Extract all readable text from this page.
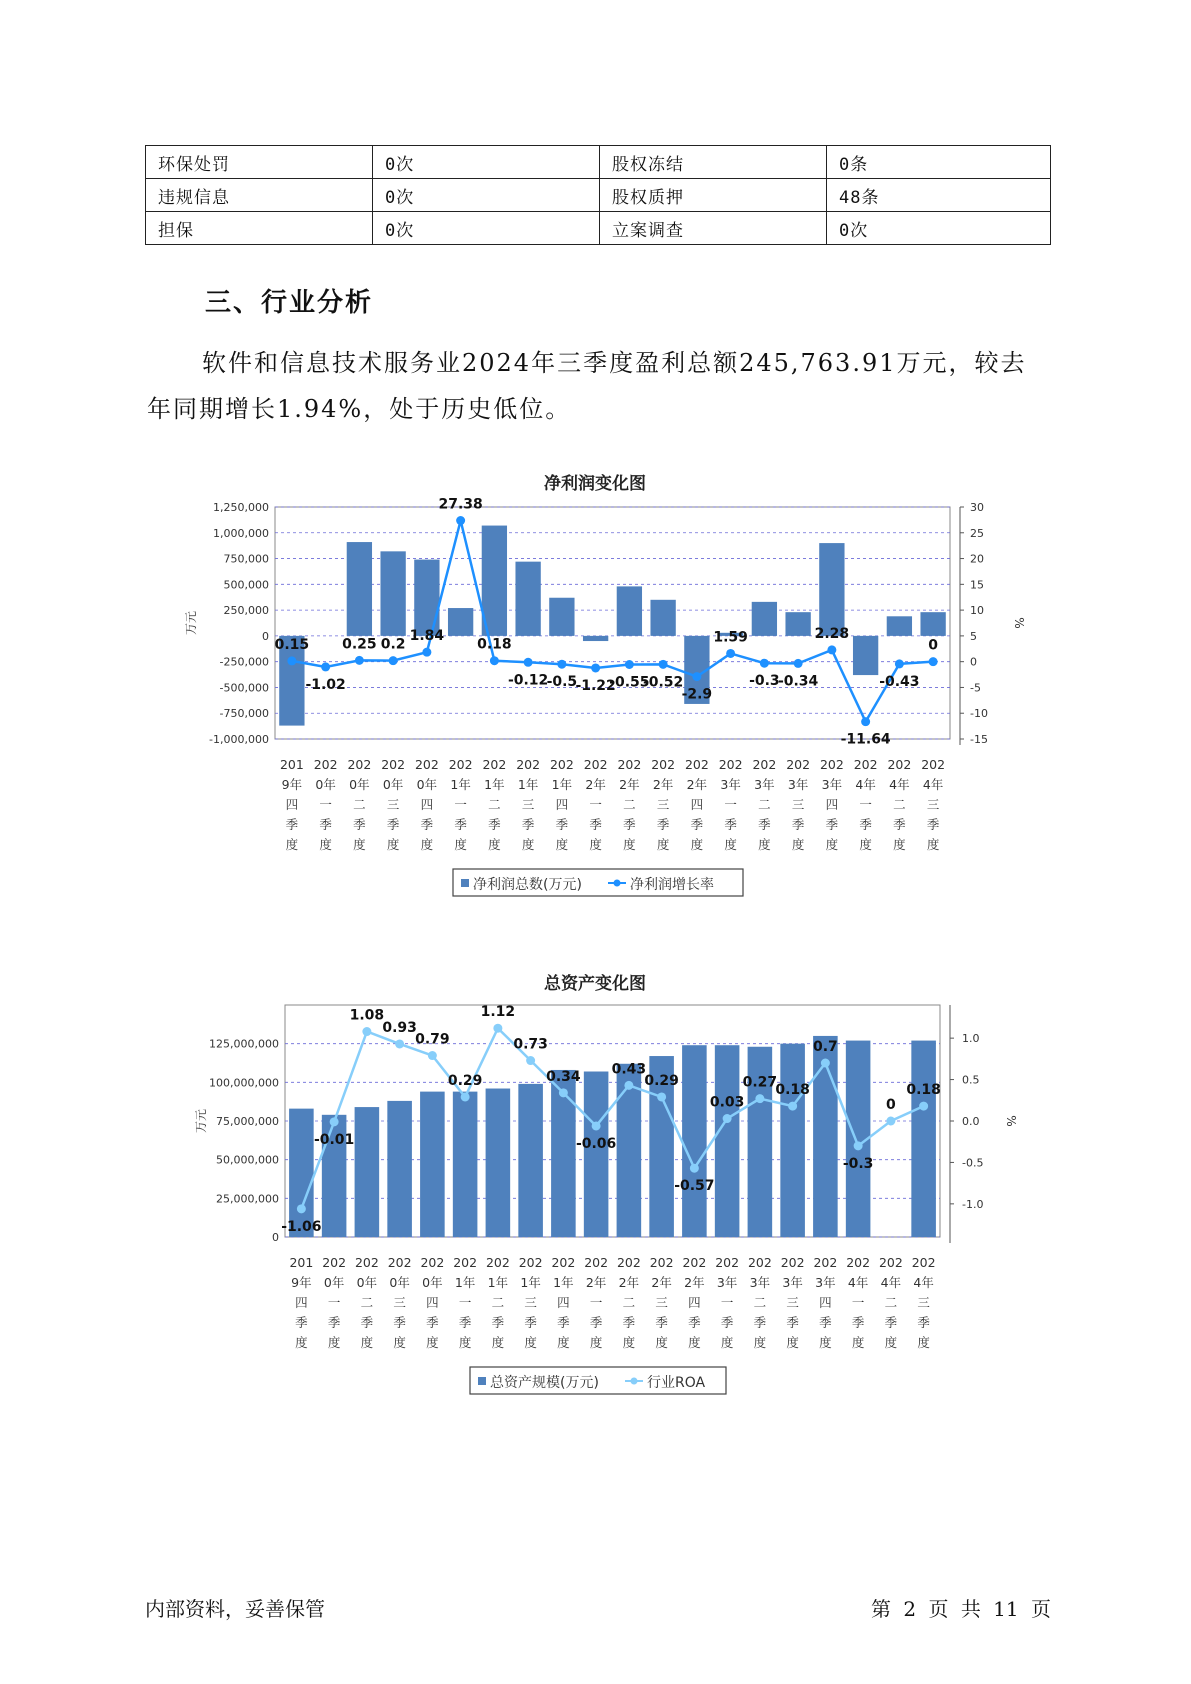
环保处罚	0次	股权冻结	0条
违规信息	0次	股权质押	48条
担保	0次	立案调查	0次
三、行业分析

软件和信息技术服务业2024年三季度盈利总额245,763.91万元，较去年同期增长1.94%，处于历史低位。

净利润变化图
1,250,000
1,000,000
750,000
500,000
250,000
0
-250,000
-500,000
-750,000
-1,000,000
30
25
20
15
10
5
0
-5
-10
-15
万元	%
0.15
-1.02
0.25 0.2
1.84
27.38
0.18
-0.12
-0.5
-1.22
-0.55
-0.52
-2.9
1.59
-0.3
-0.34
2.28
-11.64
-0.43
0
201
9年
四
季
度
202
0年
一
季
度
202
0年
二
季
度
202
0年
三
季
度
202
0年
四
季
度
202
1年
一
季
度
202
1年
二
季
度
202
1年
三
季
度
202
1年
四
季
度
202
2年
一
季
度
202
2年
二
季
度
202
2年
三
季
度
202
2年
四
季
度
202
3年
一
季
度
202
3年
二
季
度
202
3年
三
季
度
202
3年
四
季
度
202
4年
一
季
度
202
4年
二
季
度
202
4年
三
季
度
净利润总数(万元)	净利润增长率
总资产变化图
125,000,000
100,000,000
75,000,000
50,000,000
25,000,000
0
1.0
0.5
0.0
-0.5
-1.0
万元	%
-1.06
-0.01
1.08
0.93
0.79
0.29
1.12
0.73
0.34
-0.06
0.43
0.29
-0.57
0.03
0.27
0.18
0.7
-0.3
0
0.18
201
9年
四
季
度
202
0年
一
季
度
202
0年
二
季
度
202
0年
三
季
度
202
0年
四
季
度
202
1年
一
季
度
202
1年
二
季
度
202
1年
三
季
度
202
1年
四
季
度
202
2年
一
季
度
202
2年
二
季
度
202
2年
三
季
度
202
2年
四
季
度
202
3年
一
季
度
202
3年
二
季
度
202
3年
三
季
度
202
3年
四
季
度
202
4年
一
季
度
202
4年
二
季
度
202
4年
三
季
度
总资产规模(万元)	行业ROA
内部资料，妥善保管	第 2 页 共 11 页
